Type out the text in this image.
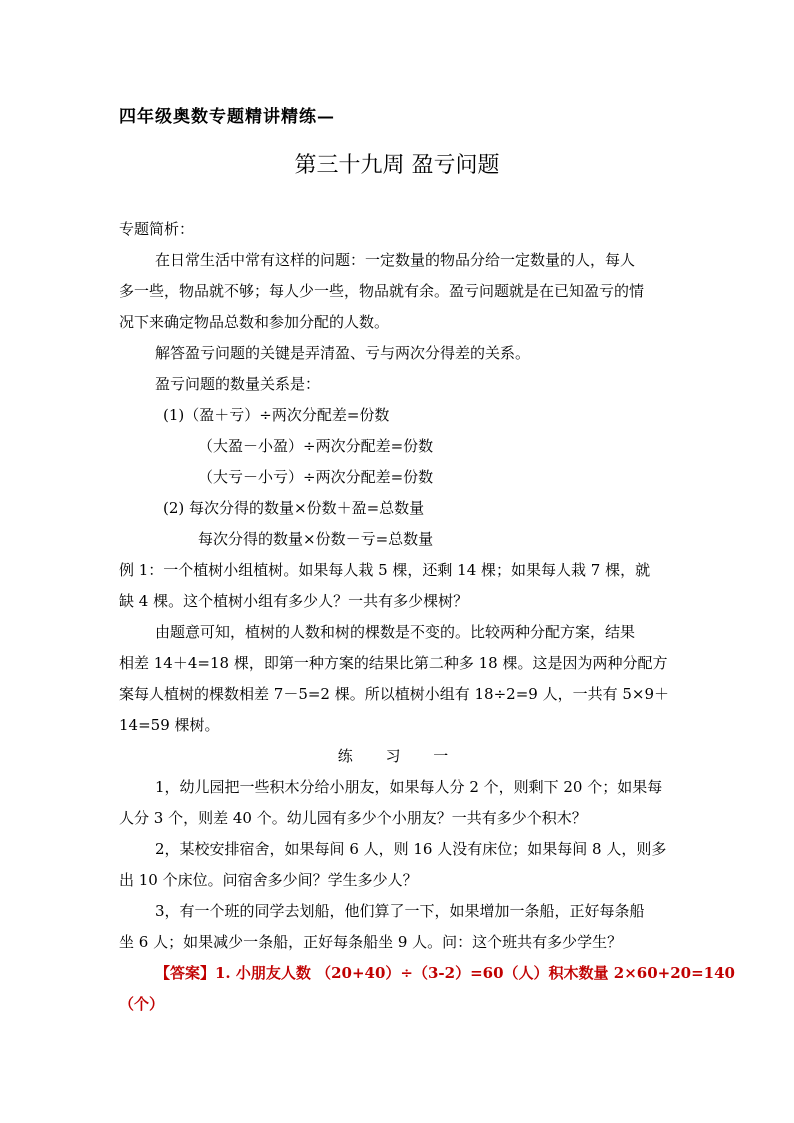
四年级奥数专题精讲精练—
第三十九周 盈亏问题
专题简析：
在日常生活中常有这样的问题：一定数量的物品分给一定数量的人，每人
多一些，物品就不够；每人少一些，物品就有余。盈亏问题就是在已知盈亏的情
况下来确定物品总数和参加分配的人数。
解答盈亏问题的关键是弄清盈、亏与两次分得差的关系。
盈亏问题的数量关系是：
(1)（盈＋亏）÷两次分配差=份数
（大盈－小盈）÷两次分配差=份数
（大亏－小亏）÷两次分配差=份数
(2) 每次分得的数量×份数＋盈=总数量
每次分得的数量×份数－亏=总数量
例 1：一个植树小组植树。如果每人栽 5 棵，还剩 14 棵；如果每人栽 7 棵，就
缺 4 棵。这个植树小组有多少人？一共有多少棵树？
由题意可知，植树的人数和树的棵数是不变的。比较两种分配方案，结果
相差 14＋4=18 棵，即第一种方案的结果比第二种多 18 棵。这是因为两种分配方
案每人植树的棵数相差 7－5=2 棵。所以植树小组有 18÷2=9 人，一共有 5×9＋
14=59 棵树。
练 习 一
1，幼儿园把一些积木分给小朋友，如果每人分 2 个，则剩下 20 个；如果每
人分 3 个，则差 40 个。幼儿园有多少个小朋友？一共有多少个积木？
2，某校安排宿舍，如果每间 6 人，则 16 人没有床位；如果每间 8 人，则多
出 10 个床位。问宿舍多少间？学生多少人？
3，有一个班的同学去划船，他们算了一下，如果增加一条船，正好每条船
坐 6 人；如果减少一条船，正好每条船坐 9 人。问：这个班共有多少学生？
【答案】1. 小朋友人数 （20+40）÷（3-2）=60（人）积木数量 2×60+20=140
（个）
